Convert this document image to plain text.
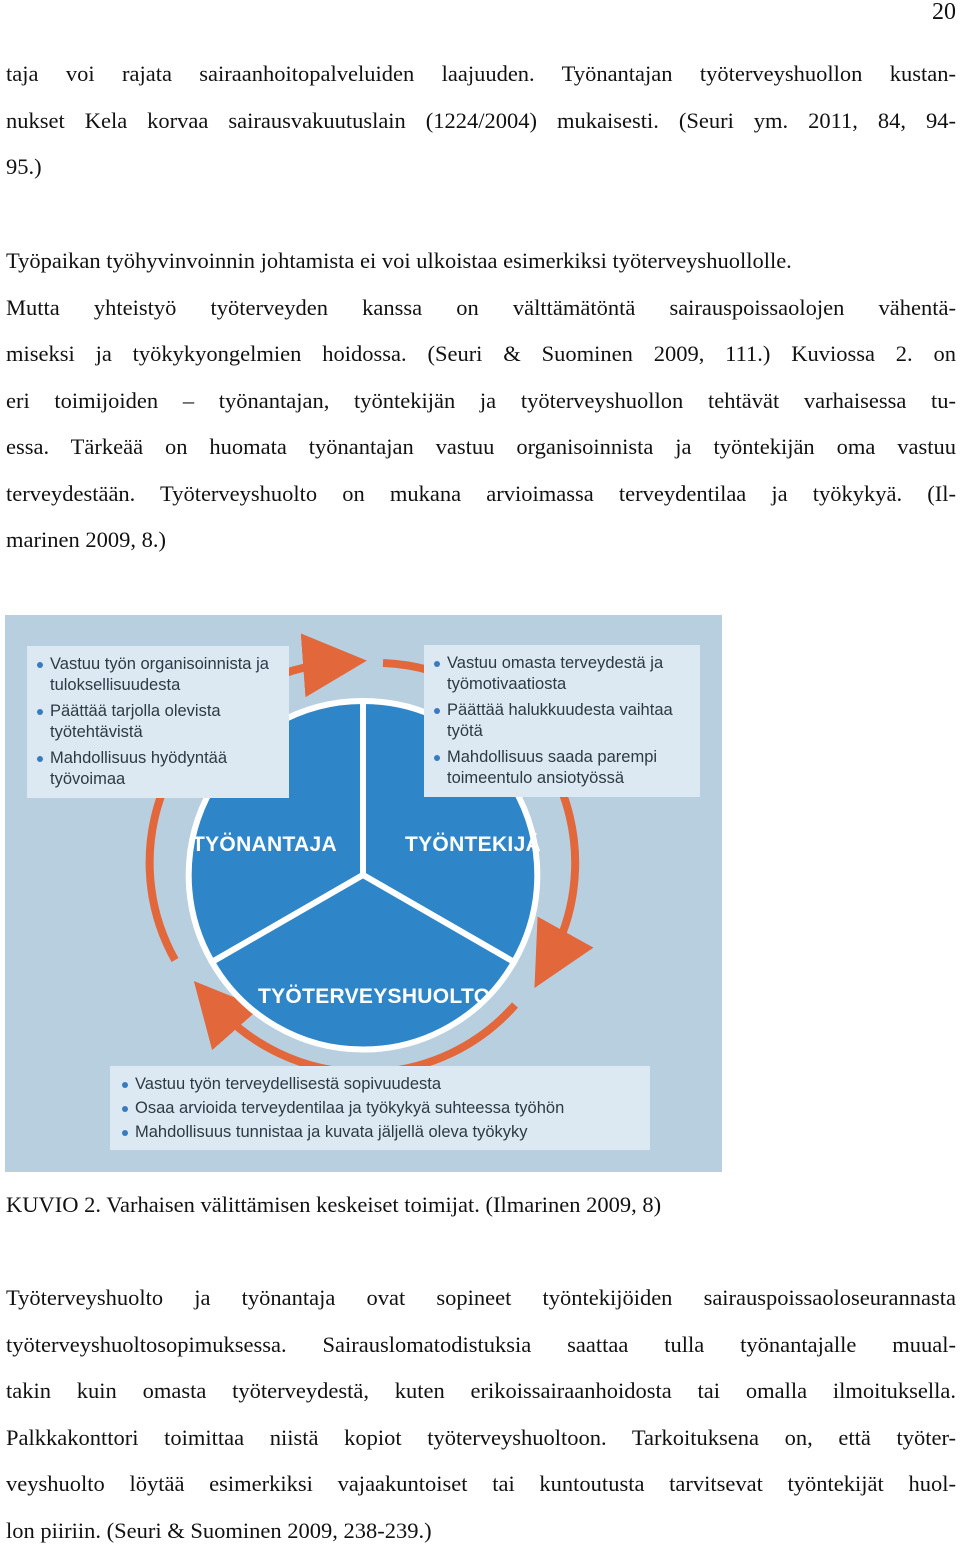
20
taja voi rajata sairaanhoitopalveluiden laajuuden. Työnantajan työterveyshuollon kustan-
nukset Kela korvaa sairausvakuutuslain (1224/2004) mukaisesti. (Seuri ym. 2011, 84, 94-
95.)
Työpaikan työhyvinvoinnin johtamista ei voi ulkoistaa esimerkiksi työterveyshuollolle.
Mutta yhteistyö työterveyden kanssa on välttämätöntä sairauspoissaolojen vähentä-
miseksi ja työkykyongelmien hoidossa. (Seuri & Suominen 2009, 111.) Kuviossa 2. on
eri toimijoiden – työnantajan, työntekijän ja työterveyshuollon tehtävät varhaisessa tu-
essa. Tärkeää on huomata työnantajan vastuu organisoinnista ja työntekijän oma vastuu
terveydestään. Työterveyshuolto on mukana arvioimassa terveydentilaa ja työkykyä. (Il-
marinen 2009, 8.)
Vastuu työn organisoinnista ja tuloksellisuudesta
Päättää tarjolla olevista työtehtävistä
Mahdollisuus hyödyntää työvoimaa
Vastuu omasta terveydestä ja työmotivaatiosta
Päättää halukkuudesta vaihtaa työtä
Mahdollisuus saada parempi toimeentulo ansiotyössä
Vastuu työn terveydellisestä sopivuudesta
Osaa arvioida terveydentilaa ja työkykyä suhteessa työhön
Mahdollisuus tunnistaa ja kuvata jäljellä oleva työkyky
TYÖNANTAJA	TYÖNTEKIJÄ
TYÖTERVEYSHUOLTO
KUVIO 2. Varhaisen välittämisen keskeiset toimijat. (Ilmarinen 2009, 8)
Työterveyshuolto ja työnantaja ovat sopineet työntekijöiden sairauspoissaoloseurannasta
työterveyshuoltosopimuksessa. Sairauslomatodistuksia saattaa tulla työnantajalle muual-
takin kuin omasta työterveydestä, kuten erikoissairaanhoidosta tai omalla ilmoituksella.
Palkkakonttori toimittaa niistä kopiot työterveyshuoltoon. Tarkoituksena on, että työter-
veyshuolto löytää esimerkiksi vajaakuntoiset tai kuntoutusta tarvitsevat työntekijät huol-
lon piiriin. (Seuri & Suominen 2009, 238-239.)
